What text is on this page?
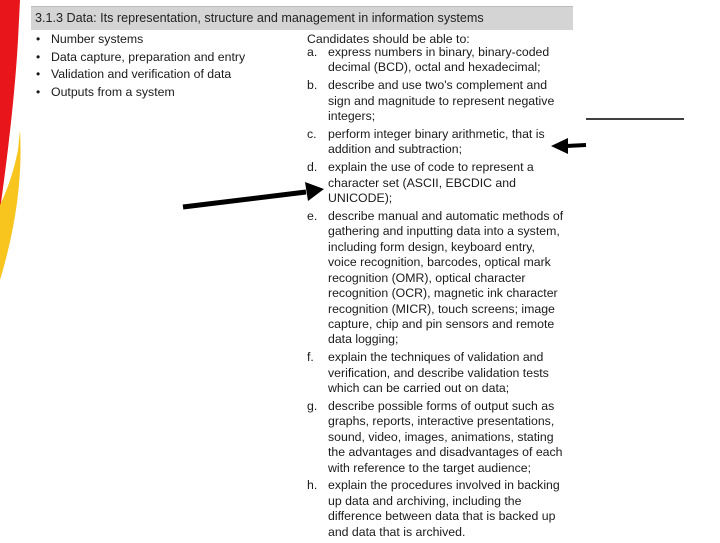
3.1.3 Data: Its representation, structure and management in information systems
• Number systems
• Data capture, preparation and entry
• Validation and verification of data
• Outputs from a system
Candidates should be able to:
a. express numbers in binary, binary-coded
decimal (BCD), octal and hexadecimal;
b. describe and use two's complement and
sign and magnitude to represent negative
integers;
c. perform integer binary arithmetic, that is
addition and subtraction;
d. explain the use of code to represent a
character set (ASCII, EBCDIC and
UNICODE);
e. describe manual and automatic methods of
gathering and inputting data into a system,
including form design, keyboard entry,
voice recognition, barcodes, optical mark
recognition (OMR), optical character
recognition (OCR), magnetic ink character
recognition (MICR), touch screens; image
capture, chip and pin sensors and remote
data logging;
f. explain the techniques of validation and
verification, and describe validation tests
which can be carried out on data;
g. describe possible forms of output such as
graphs, reports, interactive presentations,
sound, video, images, animations, stating
the advantages and disadvantages of each
with reference to the target audience;
h. explain the procedures involved in backing
up data and archiving, including the
difference between data that is backed up
and data that is archived.
